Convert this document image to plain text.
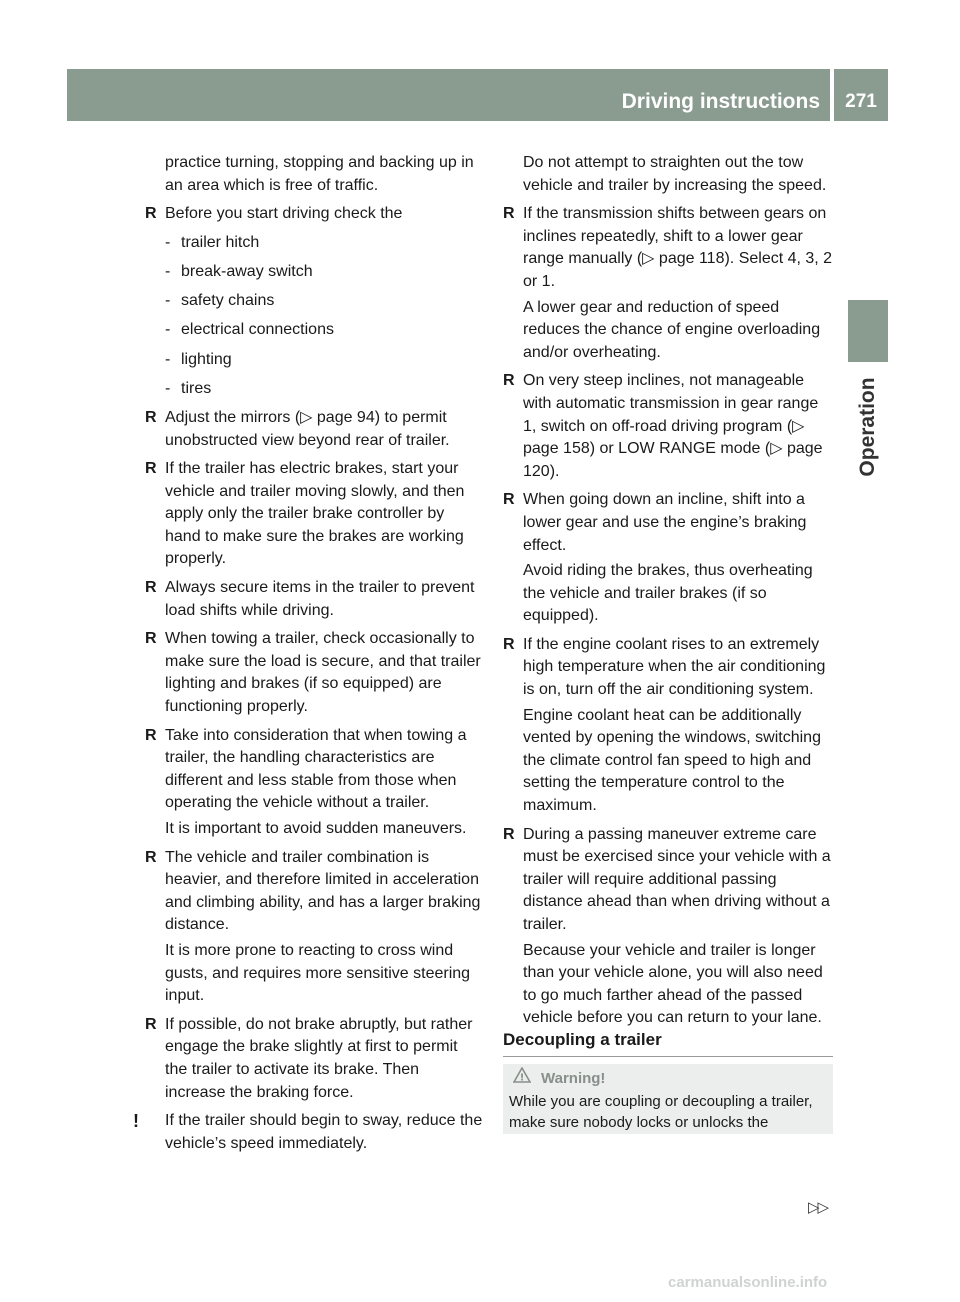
Driving instructions	271
Operation
practice turning, stopping and backing up in an area which is free of traffic.
R Before you start driving check the
- trailer hitch
- break-away switch
- safety chains
- electrical connections
- lighting
- tires
R Adjust the mirrors (▷ page 94) to permit unobstructed view beyond rear of trailer.
R If the trailer has electric brakes, start your vehicle and trailer moving slowly, and then apply only the trailer brake controller by hand to make sure the brakes are working properly.
R Always secure items in the trailer to prevent load shifts while driving.
R When towing a trailer, check occasionally to make sure the load is secure, and that trailer lighting and brakes (if so equipped) are functioning properly.
R Take into consideration that when towing a trailer, the handling characteristics are different and less stable from those when operating the vehicle without a trailer.
It is important to avoid sudden maneuvers.
R The vehicle and trailer combination is heavier, and therefore limited in acceleration and climbing ability, and has a larger braking distance.
It is more prone to reacting to cross wind gusts, and requires more sensitive steering input.
R If possible, do not brake abruptly, but rather engage the brake slightly at first to permit the trailer to activate its brake. Then increase the braking force.
! If the trailer should begin to sway, reduce the vehicle’s speed immediately.
Do not attempt to straighten out the tow vehicle and trailer by increasing the speed.
R If the transmission shifts between gears on inclines repeatedly, shift to a lower gear range manually (▷ page 118). Select 4, 3, 2 or 1.
A lower gear and reduction of speed reduces the chance of engine overloading and/or overheating.
R On very steep inclines, not manageable with automatic transmission in gear range 1, switch on off-road driving program (▷ page 158) or LOW RANGE mode (▷ page 120).
R When going down an incline, shift into a lower gear and use the engine’s braking effect.
Avoid riding the brakes, thus overheating the vehicle and trailer brakes (if so equipped).
R If the engine coolant rises to an extremely high temperature when the air conditioning is on, turn off the air conditioning system.
Engine coolant heat can be additionally vented by opening the windows, switching the climate control fan speed to high and setting the temperature control to the maximum.
R During a passing maneuver extreme care must be exercised since your vehicle with a trailer will require additional passing distance ahead than when driving without a trailer.
Because your vehicle and trailer is longer than your vehicle alone, you will also need to go much farther ahead of the passed vehicle before you can return to your lane.
Decoupling a trailer
! Warning!
While you are coupling or decoupling a trailer, make sure nobody locks or unlocks the
▷▷
carmanualsonline.info
